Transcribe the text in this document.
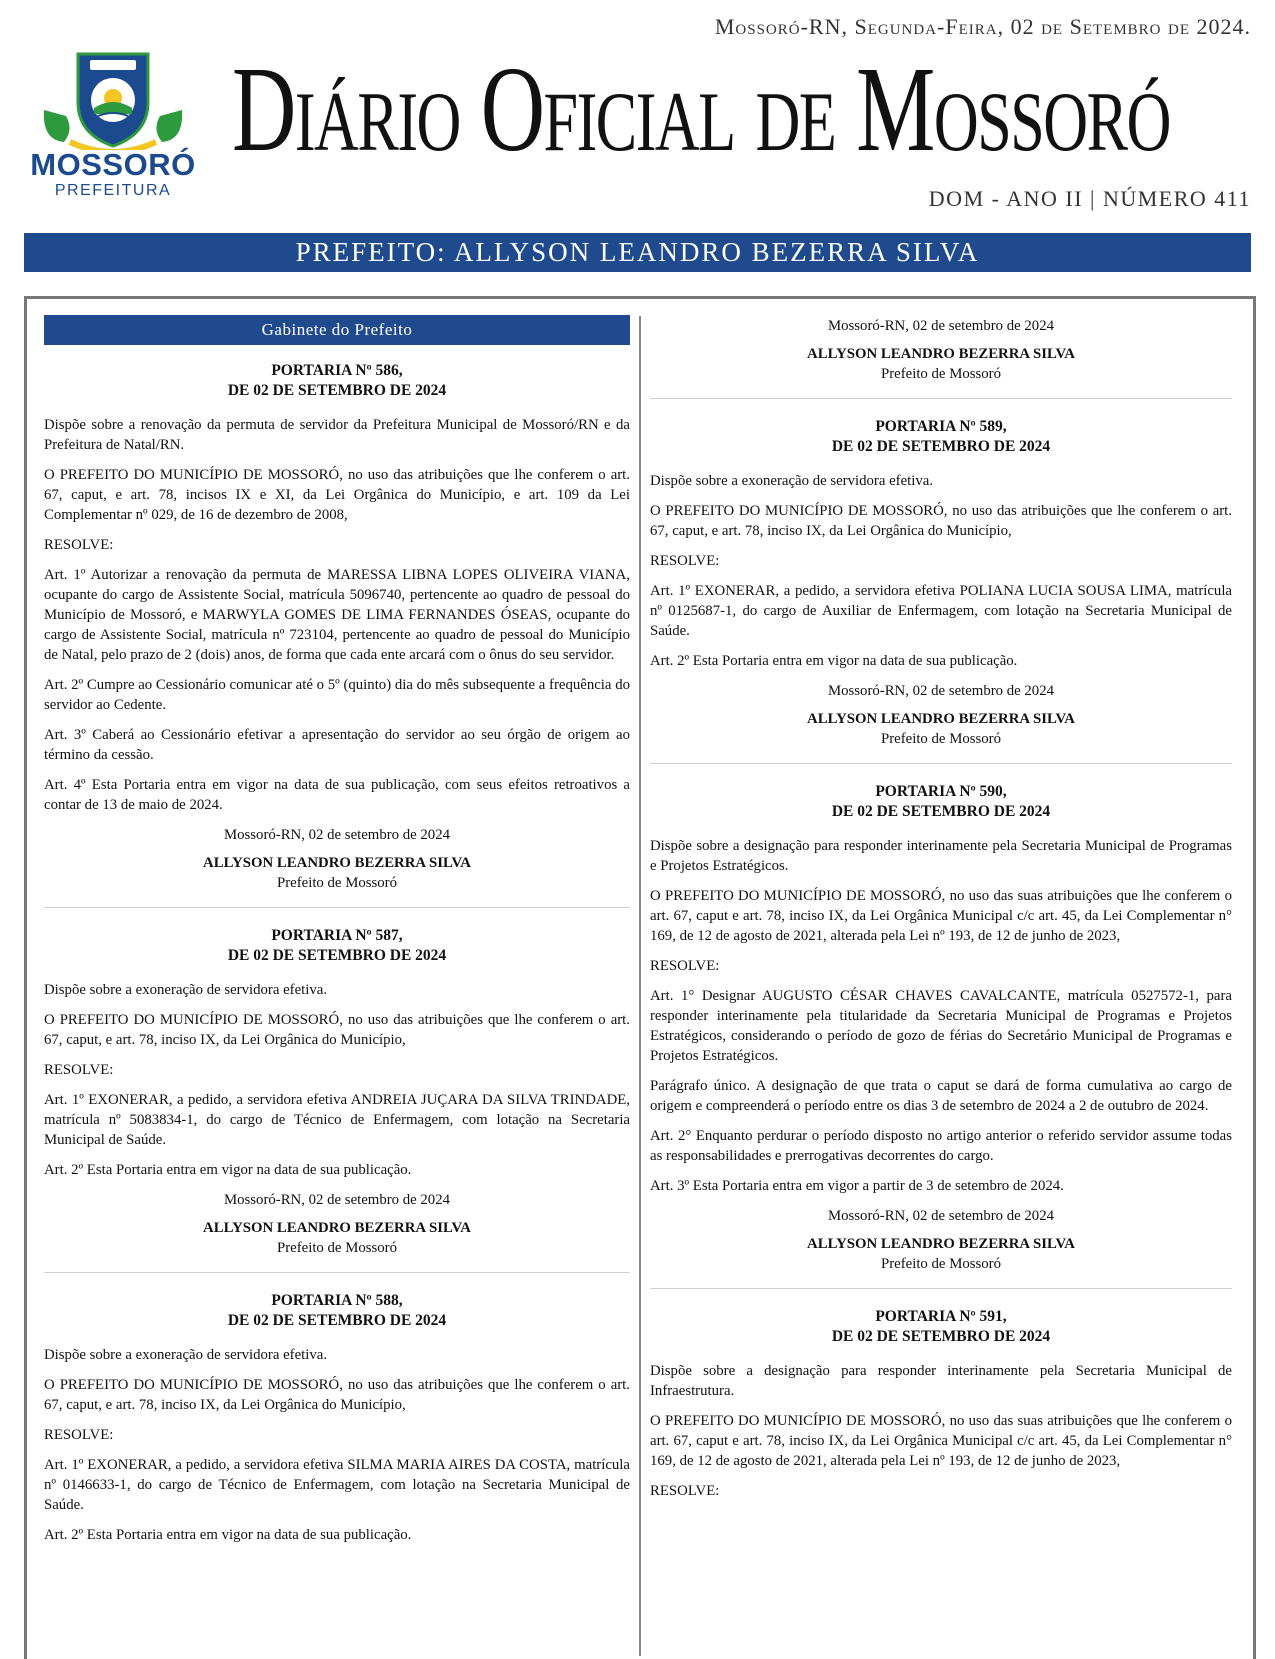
MOSSORÓ
PREFEITURA
Mossoró-RN, Segunda-Feira, 02 de Setembro de 2024.
Diário Oficial de Mossoró
DOM - ANO II | NÚMERO 411
PREFEITO: ALLYSON LEANDRO BEZERRA SILVA
Gabinete do Prefeito
PORTARIA Nº 586,
DE 02 DE SETEMBRO DE 2024

Dispõe sobre a renovação da permuta de servidor da Prefeitura Municipal de Mossoró/RN e da Prefeitura de Natal/RN.

O PREFEITO DO MUNICÍPIO DE MOSSORÓ, no uso das atribuições que lhe conferem o art. 67, caput, e art. 78, incisos IX e XI, da Lei Orgânica do Município, e art. 109 da Lei Complementar nº 029, de 16 de dezembro de 2008,

RESOLVE:

Art. 1º Autorizar a renovação da permuta de MARESSA LIBNA LOPES OLIVEIRA VIANA, ocupante do cargo de Assistente Social, matrícula 5096740, pertencente ao quadro de pessoal do Município de Mossoró, e MARWYLA GOMES DE LIMA FERNANDES ÓSEAS, ocupante do cargo de Assistente Social, matrícula nº 723104, pertencente ao quadro de pessoal do Município de Natal, pelo prazo de 2 (dois) anos, de forma que cada ente arcará com o ônus do seu servidor.

Art. 2º Cumpre ao Cessionário comunicar até o 5º (quinto) dia do mês subsequente a frequência do servidor ao Cedente.

Art. 3º Caberá ao Cessionário efetivar a apresentação do servidor ao seu órgão de origem ao término da cessão.

Art. 4º Esta Portaria entra em vigor na data de sua publicação, com seus efeitos retroativos a contar de 13 de maio de 2024.

Mossoró-RN, 02 de setembro de 2024

ALLYSON LEANDRO BEZERRA SILVA

Prefeito de Mossoró

PORTARIA Nº 587,
DE 02 DE SETEMBRO DE 2024

Dispõe sobre a exoneração de servidora efetiva.

O PREFEITO DO MUNICÍPIO DE MOSSORÓ, no uso das atribuições que lhe conferem o art. 67, caput, e art. 78, inciso IX, da Lei Orgânica do Município,

RESOLVE:

Art. 1º EXONERAR, a pedido, a servidora efetiva ANDREIA JUÇARA DA SILVA TRINDADE, matrícula nº 5083834-1, do cargo de Técnico de Enfermagem, com lotação na Secretaria Municipal de Saúde.

Art. 2º Esta Portaria entra em vigor na data de sua publicação.

Mossoró-RN, 02 de setembro de 2024

ALLYSON LEANDRO BEZERRA SILVA

Prefeito de Mossoró

PORTARIA Nº 588,
DE 02 DE SETEMBRO DE 2024

Dispõe sobre a exoneração de servidora efetiva.

O PREFEITO DO MUNICÍPIO DE MOSSORÓ, no uso das atribuições que lhe conferem o art. 67, caput, e art. 78, inciso IX, da Lei Orgânica do Município,

RESOLVE:

Art. 1º EXONERAR, a pedido, a servidora efetiva SILMA MARIA AIRES DA COSTA, matrícula nº 0146633-1, do cargo de Técnico de Enfermagem, com lotação na Secretaria Municipal de Saúde.

Art. 2º Esta Portaria entra em vigor na data de sua publicação.

Mossoró-RN, 02 de setembro de 2024

ALLYSON LEANDRO BEZERRA SILVA

Prefeito de Mossoró

PORTARIA Nº 589,
DE 02 DE SETEMBRO DE 2024

Dispõe sobre a exoneração de servidora efetiva.

O PREFEITO DO MUNICÍPIO DE MOSSORÓ, no uso das atribuições que lhe conferem o art. 67, caput, e art. 78, inciso IX, da Lei Orgânica do Município,

RESOLVE:

Art. 1º EXONERAR, a pedido, a servidora efetiva POLIANA LUCIA SOUSA LIMA, matrícula nº 0125687-1, do cargo de Auxiliar de Enfermagem, com lotação na Secretaria Municipal de Saúde.

Art. 2º Esta Portaria entra em vigor na data de sua publicação.

Mossoró-RN, 02 de setembro de 2024

ALLYSON LEANDRO BEZERRA SILVA

Prefeito de Mossoró

PORTARIA Nº 590,
DE 02 DE SETEMBRO DE 2024

Dispõe sobre a designação para responder interinamente pela Secretaria Municipal de Programas e Projetos Estratégicos.

O PREFEITO DO MUNICÍPIO DE MOSSORÓ, no uso das suas atribuições que lhe conferem o art. 67, caput e art. 78, inciso IX, da Lei Orgânica Municipal c/c art. 45, da Lei Complementar n° 169, de 12 de agosto de 2021, alterada pela Lei nº 193, de 12 de junho de 2023,

RESOLVE:

Art. 1° Designar AUGUSTO CÉSAR CHAVES CAVALCANTE, matrícula 0527572-1, para responder interinamente pela titularidade da Secretaria Municipal de Programas e Projetos Estratégicos, considerando o período de gozo de férias do Secretário Municipal de Programas e Projetos Estratégicos.

Parágrafo único. A designação de que trata o caput se dará de forma cumulativa ao cargo de origem e compreenderá o período entre os dias 3 de setembro de 2024 a 2 de outubro de 2024.

Art. 2° Enquanto perdurar o período disposto no artigo anterior o referido servidor assume todas as responsabilidades e prerrogativas decorrentes do cargo.

Art. 3º Esta Portaria entra em vigor a partir de 3 de setembro de 2024.

Mossoró-RN, 02 de setembro de 2024

ALLYSON LEANDRO BEZERRA SILVA

Prefeito de Mossoró

PORTARIA Nº 591,
DE 02 DE SETEMBRO DE 2024

Dispõe sobre a designação para responder interinamente pela Secretaria Municipal de Infraestrutura.

O PREFEITO DO MUNICÍPIO DE MOSSORÓ, no uso das suas atribuições que lhe conferem o art. 67, caput e art. 78, inciso IX, da Lei Orgânica Municipal c/c art. 45, da Lei Complementar n° 169, de 12 de agosto de 2021, alterada pela Lei nº 193, de 12 de junho de 2023,

RESOLVE:
